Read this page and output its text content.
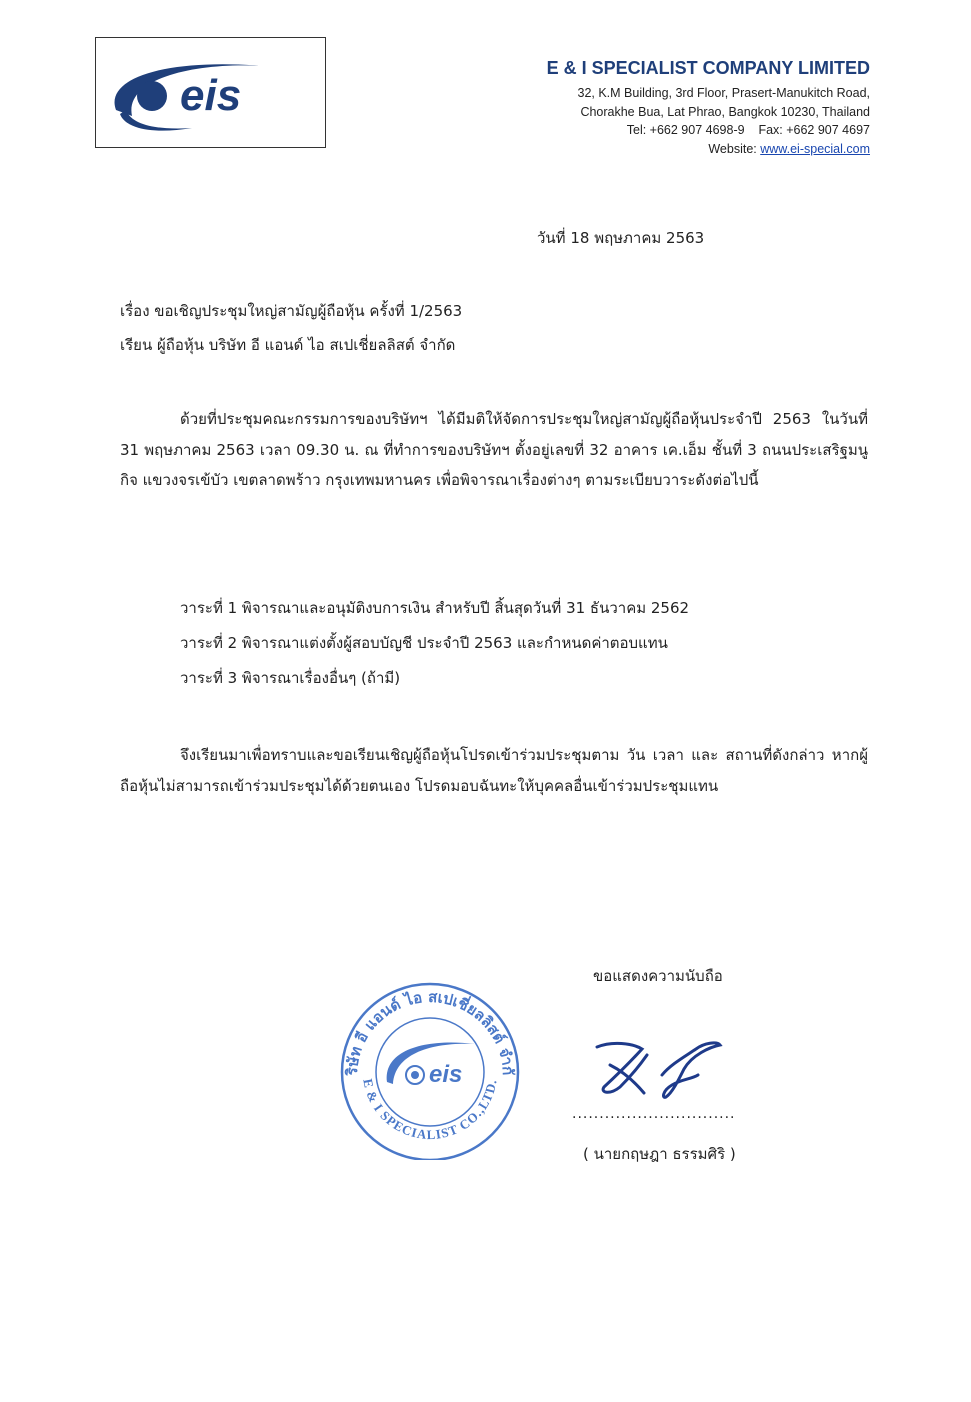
eis
E & I SPECIALIST COMPANY LIMITED
32, K.M Building, 3rd Floor, Prasert-Manukitch Road,
Chorakhe Bua, Lat Phrao, Bangkok 10230, Thailand
Tel: +662 907 4698-9    Fax: +662 907 4697
Website: www.ei-special.com
วันที่ 18 พฤษภาคม 2563
เรื่อง ขอเชิญประชุมใหญ่สามัญผู้ถือหุ้น ครั้งที่ 1/2563
เรียน ผู้ถือหุ้น บริษัท อี แอนด์ ไอ สเปเชี่ยลลิสต์ จำกัด
ด้วยที่ประชุมคณะกรรมการของบริษัทฯ ได้มีมติให้จัดการประชุมใหญ่สามัญผู้ถือหุ้นประจำปี 2563 ในวันที่ 31 พฤษภาคม 2563 เวลา 09.30 น. ณ ที่ทำการของบริษัทฯ ตั้งอยู่เลขที่ 32 อาคาร เค.เอ็ม ชั้นที่ 3 ถนนประเสริฐมนูกิจ แขวงจรเข้บัว เขตลาดพร้าว กรุงเทพมหานคร เพื่อพิจารณาเรื่องต่างๆ ตามระเบียบวาระดังต่อไปนี้
วาระที่ 1 พิจารณาและอนุมัติงบการเงิน สำหรับปี สิ้นสุดวันที่ 31 ธันวาคม 2562
วาระที่ 2 พิจารณาแต่งตั้งผู้สอบบัญชี ประจำปี 2563 และกำหนดค่าตอบแทน
วาระที่ 3 พิจารณาเรื่องอื่นๆ (ถ้ามี)
จึงเรียนมาเพื่อทราบและขอเรียนเชิญผู้ถือหุ้นโปรดเข้าร่วมประชุมตาม วัน เวลา และ สถานที่ดังกล่าว หากผู้ถือหุ้นไม่สามารถเข้าร่วมประชุมได้ด้วยตนเอง โปรดมอบฉันทะให้บุคคลอื่นเข้าร่วมประชุมแทน
ขอแสดงความนับถือ
ริษัท อี แอนด์ ไอ สเปเชี่ยลลิสต์ จำกั
E & I SPECIALIST CO.,LTD.
eis
..............................
( นายกฤษฎา ธรรมศิริ )
